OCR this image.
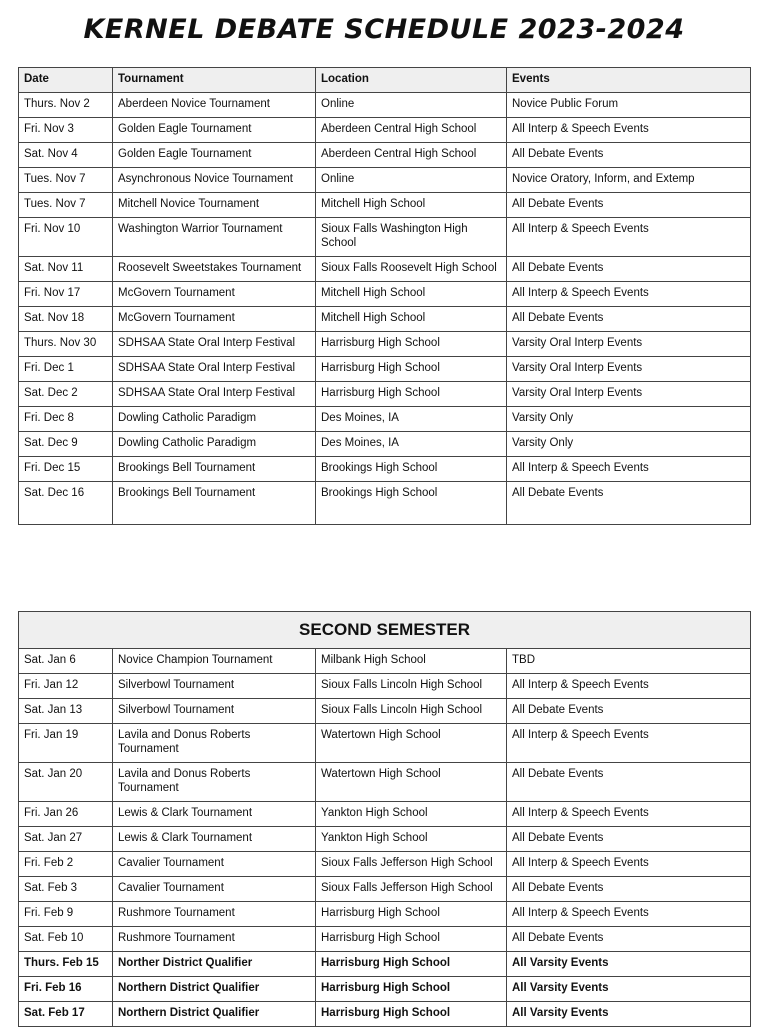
KERNEL DEBATE SCHEDULE 2023-2024
Date	Tournament	Location	Events
Thurs. Nov 2	Aberdeen Novice Tournament	Online	Novice Public Forum
Fri. Nov 3	Golden Eagle Tournament	Aberdeen Central High School	All Interp & Speech Events
Sat. Nov 4	Golden Eagle Tournament	Aberdeen Central High School	All Debate Events
Tues. Nov 7	Asynchronous Novice Tournament	Online	Novice Oratory, Inform, and Extemp
Tues. Nov 7	Mitchell Novice Tournament	Mitchell High School	All Debate Events
Fri. Nov 10	Washington Warrior Tournament	Sioux Falls Washington High School	All Interp & Speech Events
Sat. Nov 11	Roosevelt Sweetstakes Tournament	Sioux Falls Roosevelt High School	All Debate Events
Fri. Nov 17	McGovern Tournament	Mitchell High School	All Interp & Speech Events
Sat. Nov 18	McGovern Tournament	Mitchell High School	All Debate Events
Thurs. Nov 30	SDHSAA State Oral Interp Festival	Harrisburg High School	Varsity Oral Interp Events
Fri. Dec 1	SDHSAA State Oral Interp Festival	Harrisburg High School	Varsity Oral Interp Events
Sat. Dec 2	SDHSAA State Oral Interp Festival	Harrisburg High School	Varsity Oral Interp Events
Fri. Dec 8	Dowling Catholic Paradigm	Des Moines, IA	Varsity Only
Sat. Dec 9	Dowling Catholic Paradigm	Des Moines, IA	Varsity Only
Fri. Dec 15	Brookings Bell Tournament	Brookings High School	All Interp & Speech Events
Sat. Dec 16	Brookings Bell Tournament	Brookings High School	All Debate Events
SECOND SEMESTER			
Sat. Jan 6	Novice Champion Tournament	Milbank High School	TBD
Fri. Jan 12	Silverbowl Tournament	Sioux Falls Lincoln High School	All Interp & Speech Events
Sat. Jan 13	Silverbowl Tournament	Sioux Falls Lincoln High School	All Debate Events
Fri. Jan 19	Lavila and Donus Roberts Tournament	Watertown High School	All Interp & Speech Events
Sat. Jan 20	Lavila and Donus Roberts Tournament	Watertown High School	All Debate Events
Fri. Jan 26	Lewis & Clark Tournament	Yankton High School	All Interp & Speech Events
Sat. Jan 27	Lewis & Clark Tournament	Yankton High School	All Debate Events
Fri. Feb 2	Cavalier Tournament	Sioux Falls Jefferson High School	All Interp & Speech Events
Sat. Feb 3	Cavalier Tournament	Sioux Falls Jefferson High School	All Debate Events
Fri. Feb 9	Rushmore Tournament	Harrisburg High School	All Interp & Speech Events
Sat. Feb 10	Rushmore Tournament	Harrisburg High School	All Debate Events
Thurs. Feb 15	Norther District Qualifier	Harrisburg High School	All Varsity Events
Fri. Feb 16	Northern District Qualifier	Harrisburg High School	All Varsity Events
Sat. Feb 17	Northern District Qualifier	Harrisburg High School	All Varsity Events
